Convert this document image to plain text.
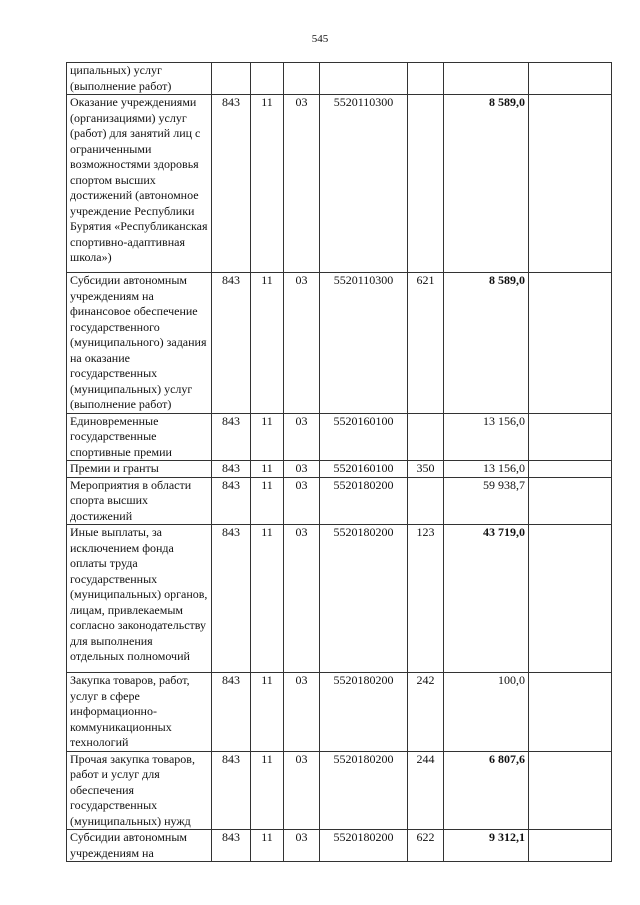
545
ципальных) услуг (выполнение работ)							
Оказание учреждениями (организациями) услуг (работ) для занятий лиц с ограниченными возможностями здоровья спортом высших достижений (автономное учреждение Республики Бурятия «Республиканская спортивно-адаптивная школа»)	843	11	03	5520110300		8 589,0	
Субсидии автономным учреждениям на финансовое обеспечение государственного (муниципального) задания на оказание государственных (муниципальных) услуг (выполнение работ)	843	11	03	5520110300	621	8 589,0	
Единовременные государственные спортивные премии	843	11	03	5520160100		13 156,0	
Премии и гранты	843	11	03	5520160100	350	13 156,0	
Мероприятия в области спорта высших достижений	843	11	03	5520180200		59 938,7	
Иные выплаты, за исключением фонда оплаты труда государственных (муниципальных) органов, лицам, привлекаемым согласно законодательству для выполнения отдельных полномочий	843	11	03	5520180200	123	43 719,0	
Закупка товаров, работ, услуг в сфере информационно-коммуникационных технологий	843	11	03	5520180200	242	100,0	
Прочая закупка товаров, работ и услуг для обеспечения государственных (муниципальных) нужд	843	11	03	5520180200	244	6 807,6	
Субсидии автономным учреждениям на	843	11	03	5520180200	622	9 312,1	
